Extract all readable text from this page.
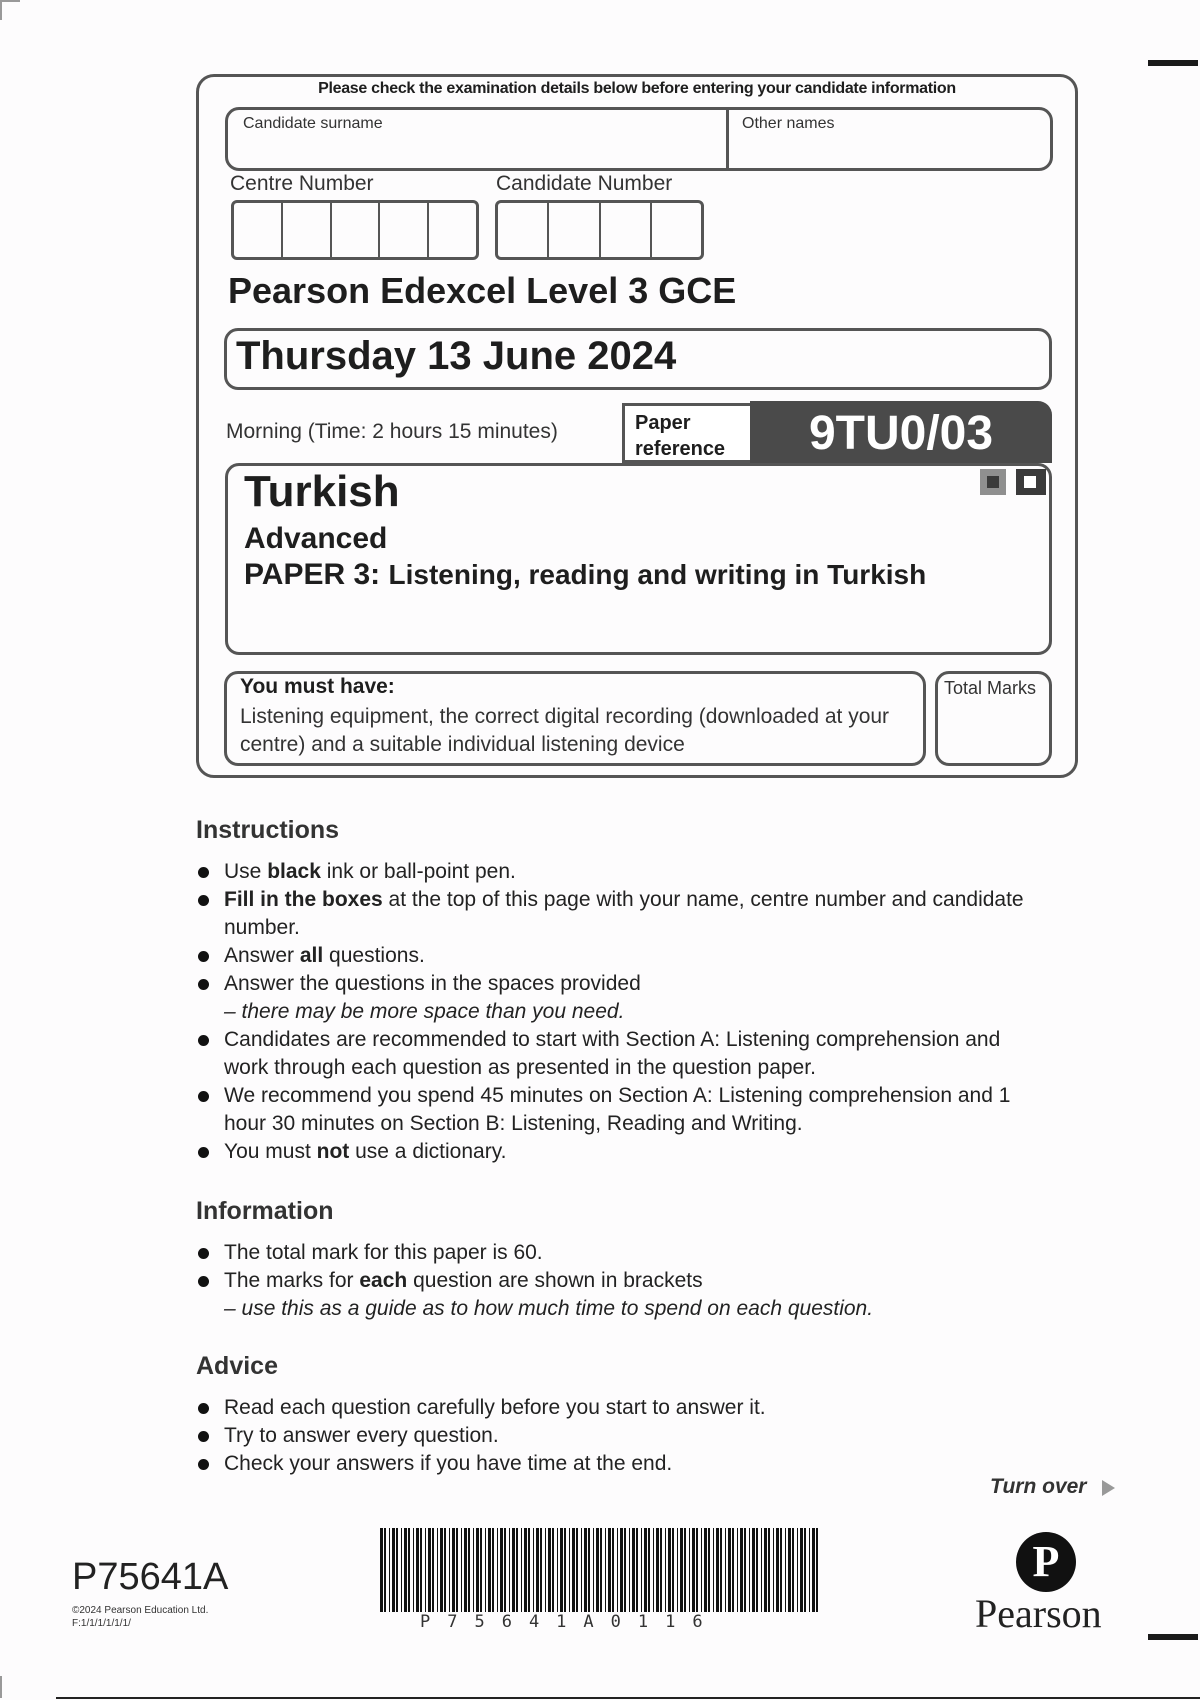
Please check the examination details below before entering your candidate information
Candidate surname	Other names
Centre Number	Candidate Number
Pearson Edexcel Level 3 GCE
Thursday 13 June 2024
Morning (Time: 2 hours 15 minutes)	Paper
reference	9TU0/03
Turkish
Advanced
PAPER 3: Listening, reading and writing in Turkish
You must have:
Listening equipment, the correct digital recording (downloaded at your centre) and a suitable individual listening device
Total Marks
Instructions
Use black ink or ball-point pen.
Fill in the boxes at the top of this page with your name, centre number and candidate number.
Answer all questions.
Answer the questions in the spaces provided
– there may be more space than you need.
Candidates are recommended to start with Section A: Listening comprehension and work through each question as presented in the question paper.
We recommend you spend 45 minutes on Section A: Listening comprehension and 1 hour 30 minutes on Section B: Listening, Reading and Writing.
You must not use a dictionary.
Information
The total mark for this paper is 60.
The marks for each question are shown in brackets
– use this as a guide as to how much time to spend on each question.
Advice
Read each question carefully before you start to answer it.
Try to answer every question.
Check your answers if you have time at the end.
Turn over
P75641A
©2024 Pearson Education Ltd.
F:1/1/1/1/1/1/	P75641A0116
P
Pearson
